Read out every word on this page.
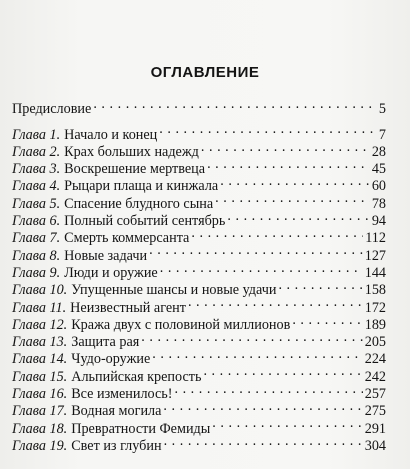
ОГЛАВЛЕНИЕ
Предисловие . . .	5
Глава 1. Начало и конец . . .	7
Глава 2. Крах больших надежд . . .	28
Глава 3. Воскрешение мертвеца . . .	45
Глава 4. Рыцари плаща и кинжала . . .	60
Глава 5. Спасение блудного сына . . .	78
Глава 6. Полный событий сентябрь . . .	94
Глава 7. Смерть коммерсанта . . .	112
Глава 8. Новые задачи . . .	127
Глава 9. Люди и оружие . . .	144
Глава 10. Упущенные шансы и новые удачи . . .	158
Глава 11. Неизвестный агент . . .	172
Глава 12. Кража двух с половиной миллионов . . .	189
Глава 13. Защита рая . . .	205
Глава 14. Чудо-оружие . . .	224
Глава 15. Альпийская крепость . . .	242
Глава 16. Все изменилось! . . .	257
Глава 17. Водная могила . . .	275
Глава 18. Превратности Фемиды . . .	291
Глава 19. Свет из глубин . . .	304
